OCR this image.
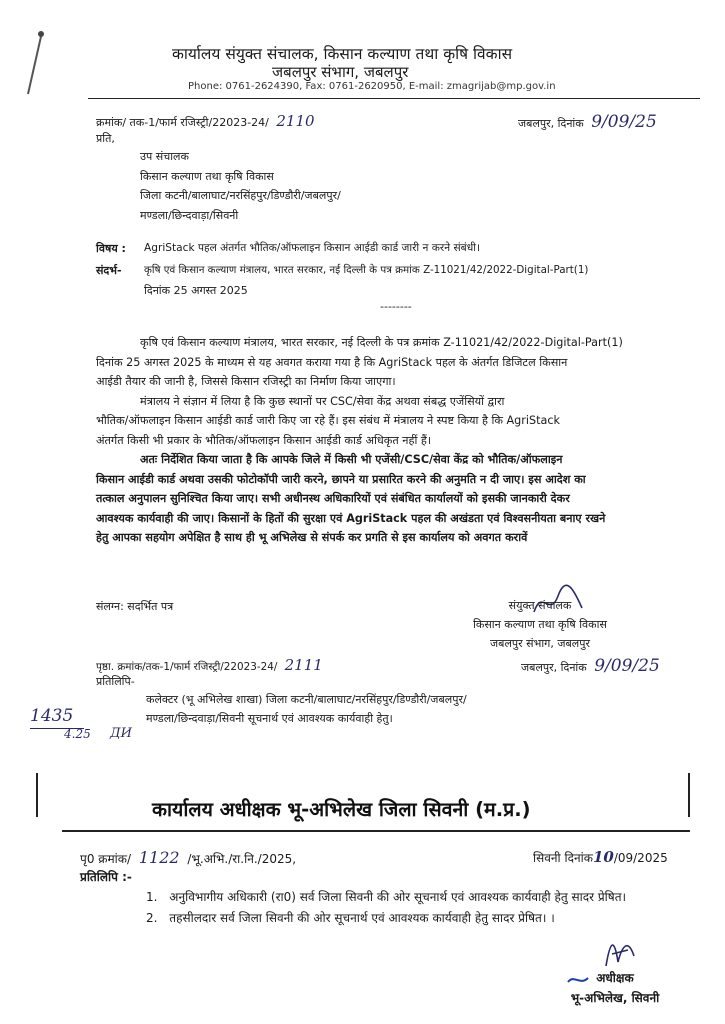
कार्यालय संयुक्त संचालक, किसान कल्याण तथा कृषि विकास
जबलपुर संभाग, जबलपुर
Phone: 0761-2624390, Fax: 0761-2620950, E-mail: zmagrijab@mp.gov.in
क्रमांक/ तक-1/फार्म रजिस्ट्री/22023-24/ 2110	जबलपुर, दिनांक 9/09/25
प्रति,
उप संचालक
किसान कल्याण तथा कृषि विकास
जिला कटनी/बालाघाट/नरसिंहपुर/डिण्डौरी/जबलपुर/
मण्डला/छिन्दवाड़ा/सिवनी
विषय : AgriStack पहल अंतर्गत भौतिक/ऑफलाइन किसान आईडी कार्ड जारी न करने संबंधी।
संदर्भ- कृषि एवं किसान कल्याण मंत्रालय, भारत सरकार, नई दिल्ली के पत्र क्रमांक Z-11021/42/2022-Digital-Part(1)
दिनांक 25 अगस्त 2025
--------
कृषि एवं किसान कल्याण मंत्रालय, भारत सरकार, नई दिल्ली के पत्र क्रमांक Z-11021/42/2022-Digital-Part(1)
दिनांक 25 अगस्त 2025 के माध्यम से यह अवगत कराया गया है कि AgriStack पहल के अंतर्गत डिजिटल किसान
आईडी तैयार की जानी है, जिससे किसान रजिस्ट्री का निर्माण किया जाएगा।
मंत्रालय ने संज्ञान में लिया है कि कुछ स्थानों पर CSC/सेवा केंद्र अथवा संबद्ध एजेंसियों द्वारा
भौतिक/ऑफलाइन किसान आईडी कार्ड जारी किए जा रहे हैं। इस संबंध में मंत्रालय ने स्पष्ट किया है कि AgriStack
अंतर्गत किसी भी प्रकार के भौतिक/ऑफलाइन किसान आईडी कार्ड अधिकृत नहीं हैं।
अतः निर्देशित किया जाता है कि आपके जिले में किसी भी एजेंसी/CSC/सेवा केंद्र को भौतिक/ऑफलाइन
किसान आईडी कार्ड अथवा उसकी फोटोकॉपी जारी करने, छापने या प्रसारित करने की अनुमति न दी जाए। इस आदेश का
तत्काल अनुपालन सुनिश्चित किया जाए। सभी अधीनस्थ अधिकारियों एवं संबंधित कार्यालयों को इसकी जानकारी देकर
आवश्यक कार्यवाही की जाए। किसानों के हितों की सुरक्षा एवं AgriStack पहल की अखंडता एवं विश्वसनीयता बनाए रखने
हेतु आपका सहयोग अपेक्षित है साथ ही भू अभिलेख से संपर्क कर प्रगति से इस कार्यालय को अवगत करावें
संलग्न: सदर्भित पत्र	संयुक्त संचालक
किसान कल्याण तथा कृषि विकास
जबलपुर संभाग, जबलपुर
पृष्ठा. क्रमांक/तक-1/फार्म रजिस्ट्री/22023-24/ 2111	जबलपुर, दिनांक 9/09/25
प्रतिलिपि-
कलेक्टर (भू अभिलेख शाखा) जिला कटनी/बालाघाट/नरसिंहपुर/डिण्डौरी/जबलपुर/
मण्डला/छिन्दवाड़ा/सिवनी सूचनार्थ एवं आवश्यक कार्यवाही हेतु।
1435
4.25 ДИ
कार्यालय अधीक्षक भू-अभिलेख जिला सिवनी (म.प्र.)
पृ0 क्रमांक/ 1122 /भू.अभि./रा.नि./2025,	सिवनी दिनांक10/09/2025
प्रतिलिपि :-
1. अनुविभागीय अधिकारी (रा0) सर्व जिला सिवनी की ओर सूचनार्थ एवं आवश्यक कार्यवाही हेतु सादर प्रेषित।
2. तहसीलदार सर्व जिला सिवनी की ओर सूचनार्थ एवं आवश्यक कार्यवाही हेतु सादर प्रेषित। ।
अधीक्षक
भू-अभिलेख, सिवनी
